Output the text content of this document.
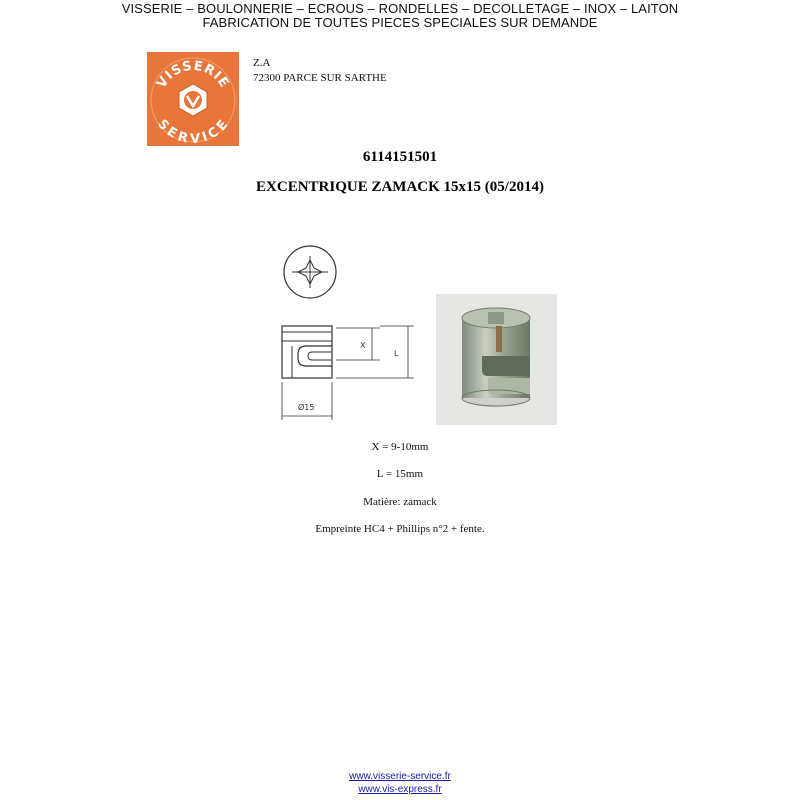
VISSERIE – BOULONNERIE – ECROUS – RONDELLES – DECOLLETAGE – INOX – LAITON
FABRICATION DE TOUTES PIECES SPECIALES SUR DEMANDE
VISSERIE
SERVICE
Z.A
72300 PARCE SUR SARTHE
6114151501
EXCENTRIQUE ZAMACK 15x15 (05/2014)
X
L
Ø15
X = 9-10mm
L = 15mm
Matière: zamack
Empreinte HC4 + Phillips n°2 + fente.
www.visserie-service.fr
www.vis-express.fr
